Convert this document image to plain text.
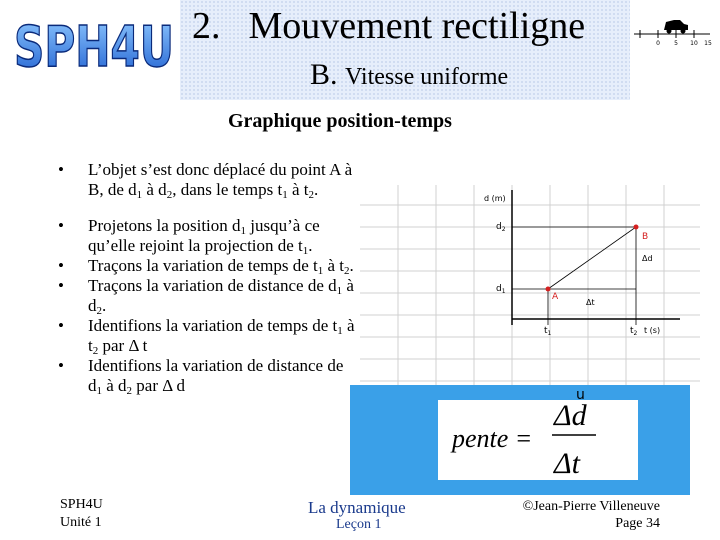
SPH4U 2. Mouvement rectiligne
B. Vitesse uniforme
0 5 10 15
Graphique position-temps
• L’objet s’est donc déplacé du point A à B, de $d_1$ à $d_2$, dans le temps $t_1$ à $t_2$.
• Projetons la position $d_1$ jusqu’à ce qu’elle rejoint la projection de $t_1$.
• Traçons la variation de temps de $t_1$ à $t_2$.
• Traçons la variation de distance de $d_1$ à $d_2$.
• Identifions la variation de temps de $t_1$ à $t_2$ par Δ t
• Identifions la variation de distance de $d_1$ à $d_2$ par Δ d
d (m)
t (s)
$d_2$
$d_1$
$t_1$	$t_2$
A
B
Δd
Δt
pente =
Δd
Δt
u
SPH4U
Unité 1
La dynamique
Leçon 1
©Jean-Pierre Villeneuve
Page 34
